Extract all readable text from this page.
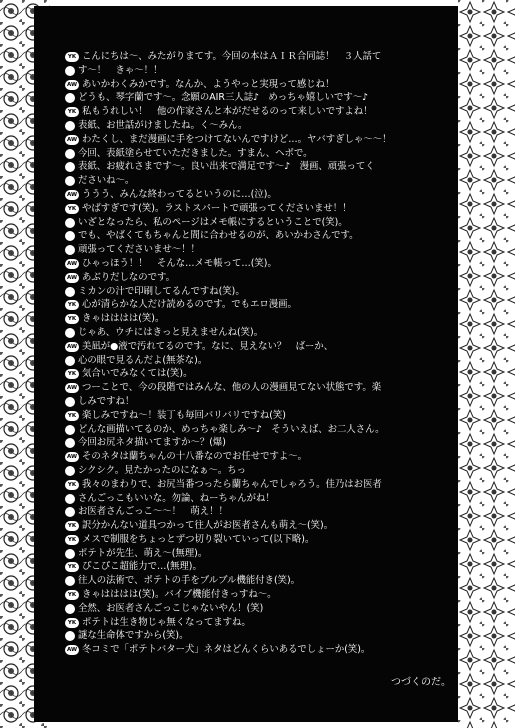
YK こんにちは〜、みたがりまてす。今回の本はＡＩＲ合同誌！　３人話て
す〜！　きゃ〜！！
AW あいかわくみかです。なんか、ようやっと実現って感じね！
どうも、琴字蘭です〜。念願のAIR三人誌♪　めっちゃ嬉しいです〜♪
YK 私もうれしい！　他の作家さんと本がだせるのって来しいですよね！
表紙、お世話がけましたね。く〜みん。
AW わたくし、まだ漫画に手をつけてないんですけど…。ヤバすぎしゃ〜〜！
今回、表紙塗らせていただきました。すまん、ヘボで。
表紙、お疲れさまです〜。良い出来で満足です〜♪　漫画、頑張ってく
ださいね〜。
AW ううう、みんな終わってるというのに…(泣)。
YK やばすぎです(笑)。ラストスパートで頑張ってくださいませ！！
いざとなったら、私のページはメモ帳にするということで(笑)。
でも、やばくてもちゃんと間に合わせるのが、あいかわさんです。
頑張ってくださいませ〜！！
AW ひゃっほう！！　そんな…メモ帳って…(笑)。
AW あぶりだしなのです。
ミカンの汁で印刷してるんですね(笑)。
YK 心が清らかな人だけ読めるのです。でもエロ漫画。
YK きゃはははは(笑)。
じゃあ、ウチにはきっと見えませんね(笑)。
AW 美凪が●液で汚れてるのです。なに、見えない？　ばーか、
心の眼で見るんだよ(無茶な)。
YK 気合いでみなくては(笑)。
AW つーことで、今の段階ではみんな、他の人の漫画見てない状態です。楽
しみですね！
YK 楽しみですね〜！装丁も毎回バリバリですね(笑)
どんな画描いてるのか、めっちゃ楽しみ〜♪　そういえば、お二人さん。
今回お尻ネタ描いてますか〜？(爆)
AW そのネタは蘭ちゃんの十八番なのでお任せですよ〜。
シクシク。見たかったのになぁ〜。ちっ
YK 我々のまわりで、お尻当番つったら蘭ちゃんでしゃろう。佳乃はお医者
さんごっこもいいな。勿論、ねーちゃんがね！
お医者さんごっこ〜〜！　萌え！！
YK 訳分かんない道具つかって往人がお医者さんも萌え〜(笑)。
YK メスで制服をちょっとずつ切り裂いていって(以下略)。
ポテトが先生、萌え〜(無理)。
YK ぴこぴこ超能力で…(無理)。
往人の法術で、ポテトの手をブルブル機能付き(笑)。
YK きゃはははは(笑)。バイブ機能付きっすね〜。
全然、お医者さんごっこじゃないやん！(笑)
YK ポテトは生き物じゃ無くなってますね。
謎な生命体ですから(笑)。
AW 冬コミで「ポテトバター犬」ネタはどんくらいあるでしょーか(笑)。
つづくのだ。
